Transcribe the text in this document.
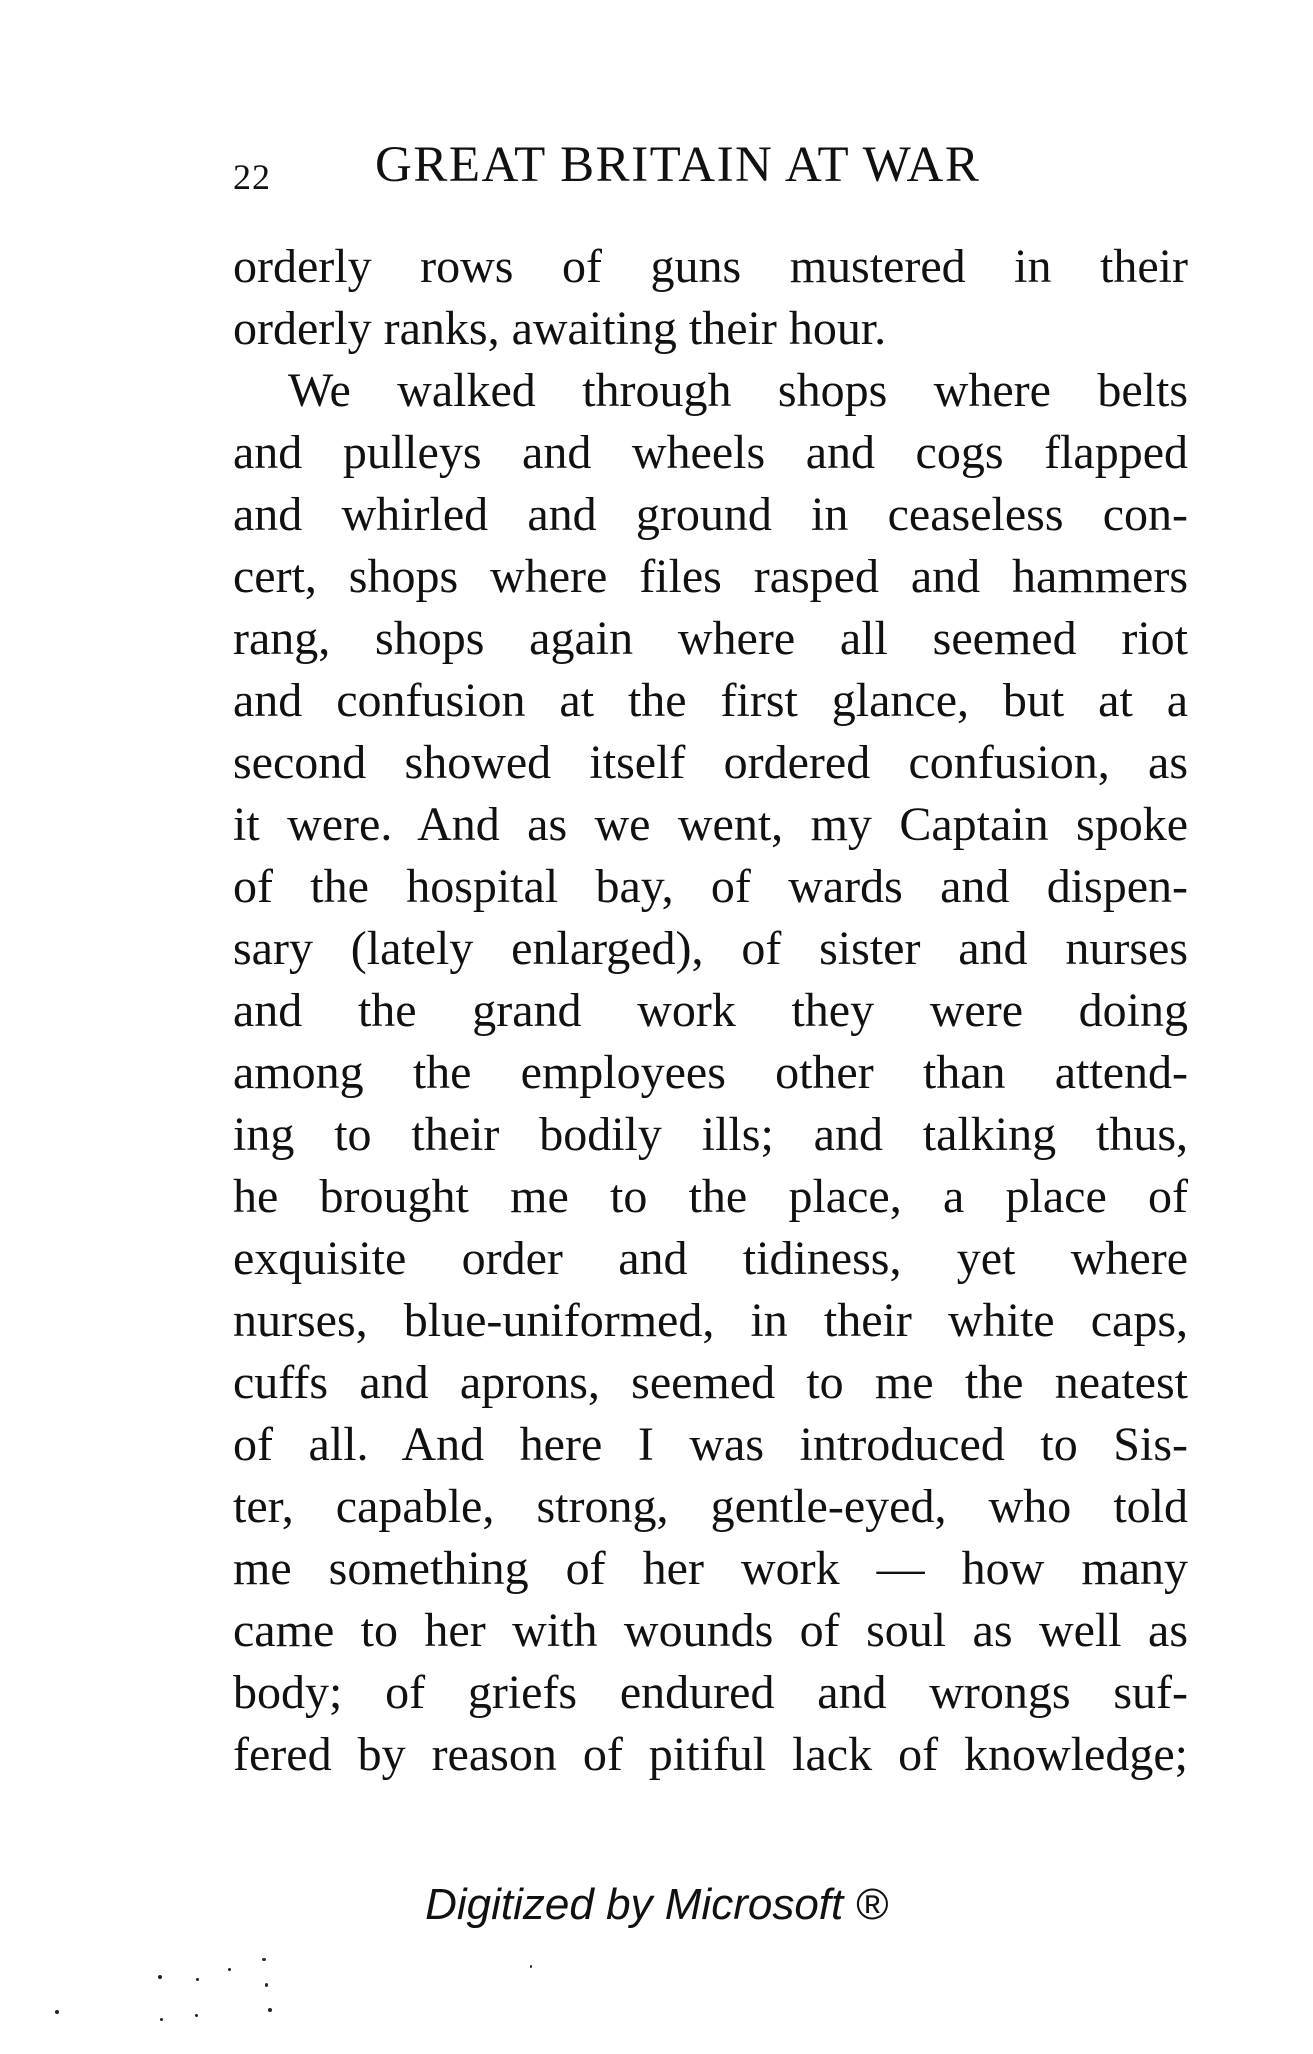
22 GREAT BRITAIN AT WAR
orderly rows of guns mustered in their
orderly ranks, awaiting their hour.
We walked through shops where belts
and pulleys and wheels and cogs flapped
and whirled and ground in ceaseless con-
cert, shops where files rasped and hammers
rang, shops again where all seemed riot
and confusion at the first glance, but at a
second showed itself ordered confusion, as
it were. And as we went, my Captain spoke
of the hospital bay, of wards and dispen-
sary (lately enlarged), of sister and nurses
and the grand work they were doing
among the employees other than attend-
ing to their bodily ills; and talking thus,
he brought me to the place, a place of
exquisite order and tidiness, yet where
nurses, blue-uniformed, in their white caps,
cuffs and aprons, seemed to me the neatest
of all. And here I was introduced to Sis-
ter, capable, strong, gentle-eyed, who told
me something of her work — how many
came to her with wounds of soul as well as
body; of griefs endured and wrongs suf-
fered by reason of pitiful lack of knowledge;
Digitized by Microsoft ®
